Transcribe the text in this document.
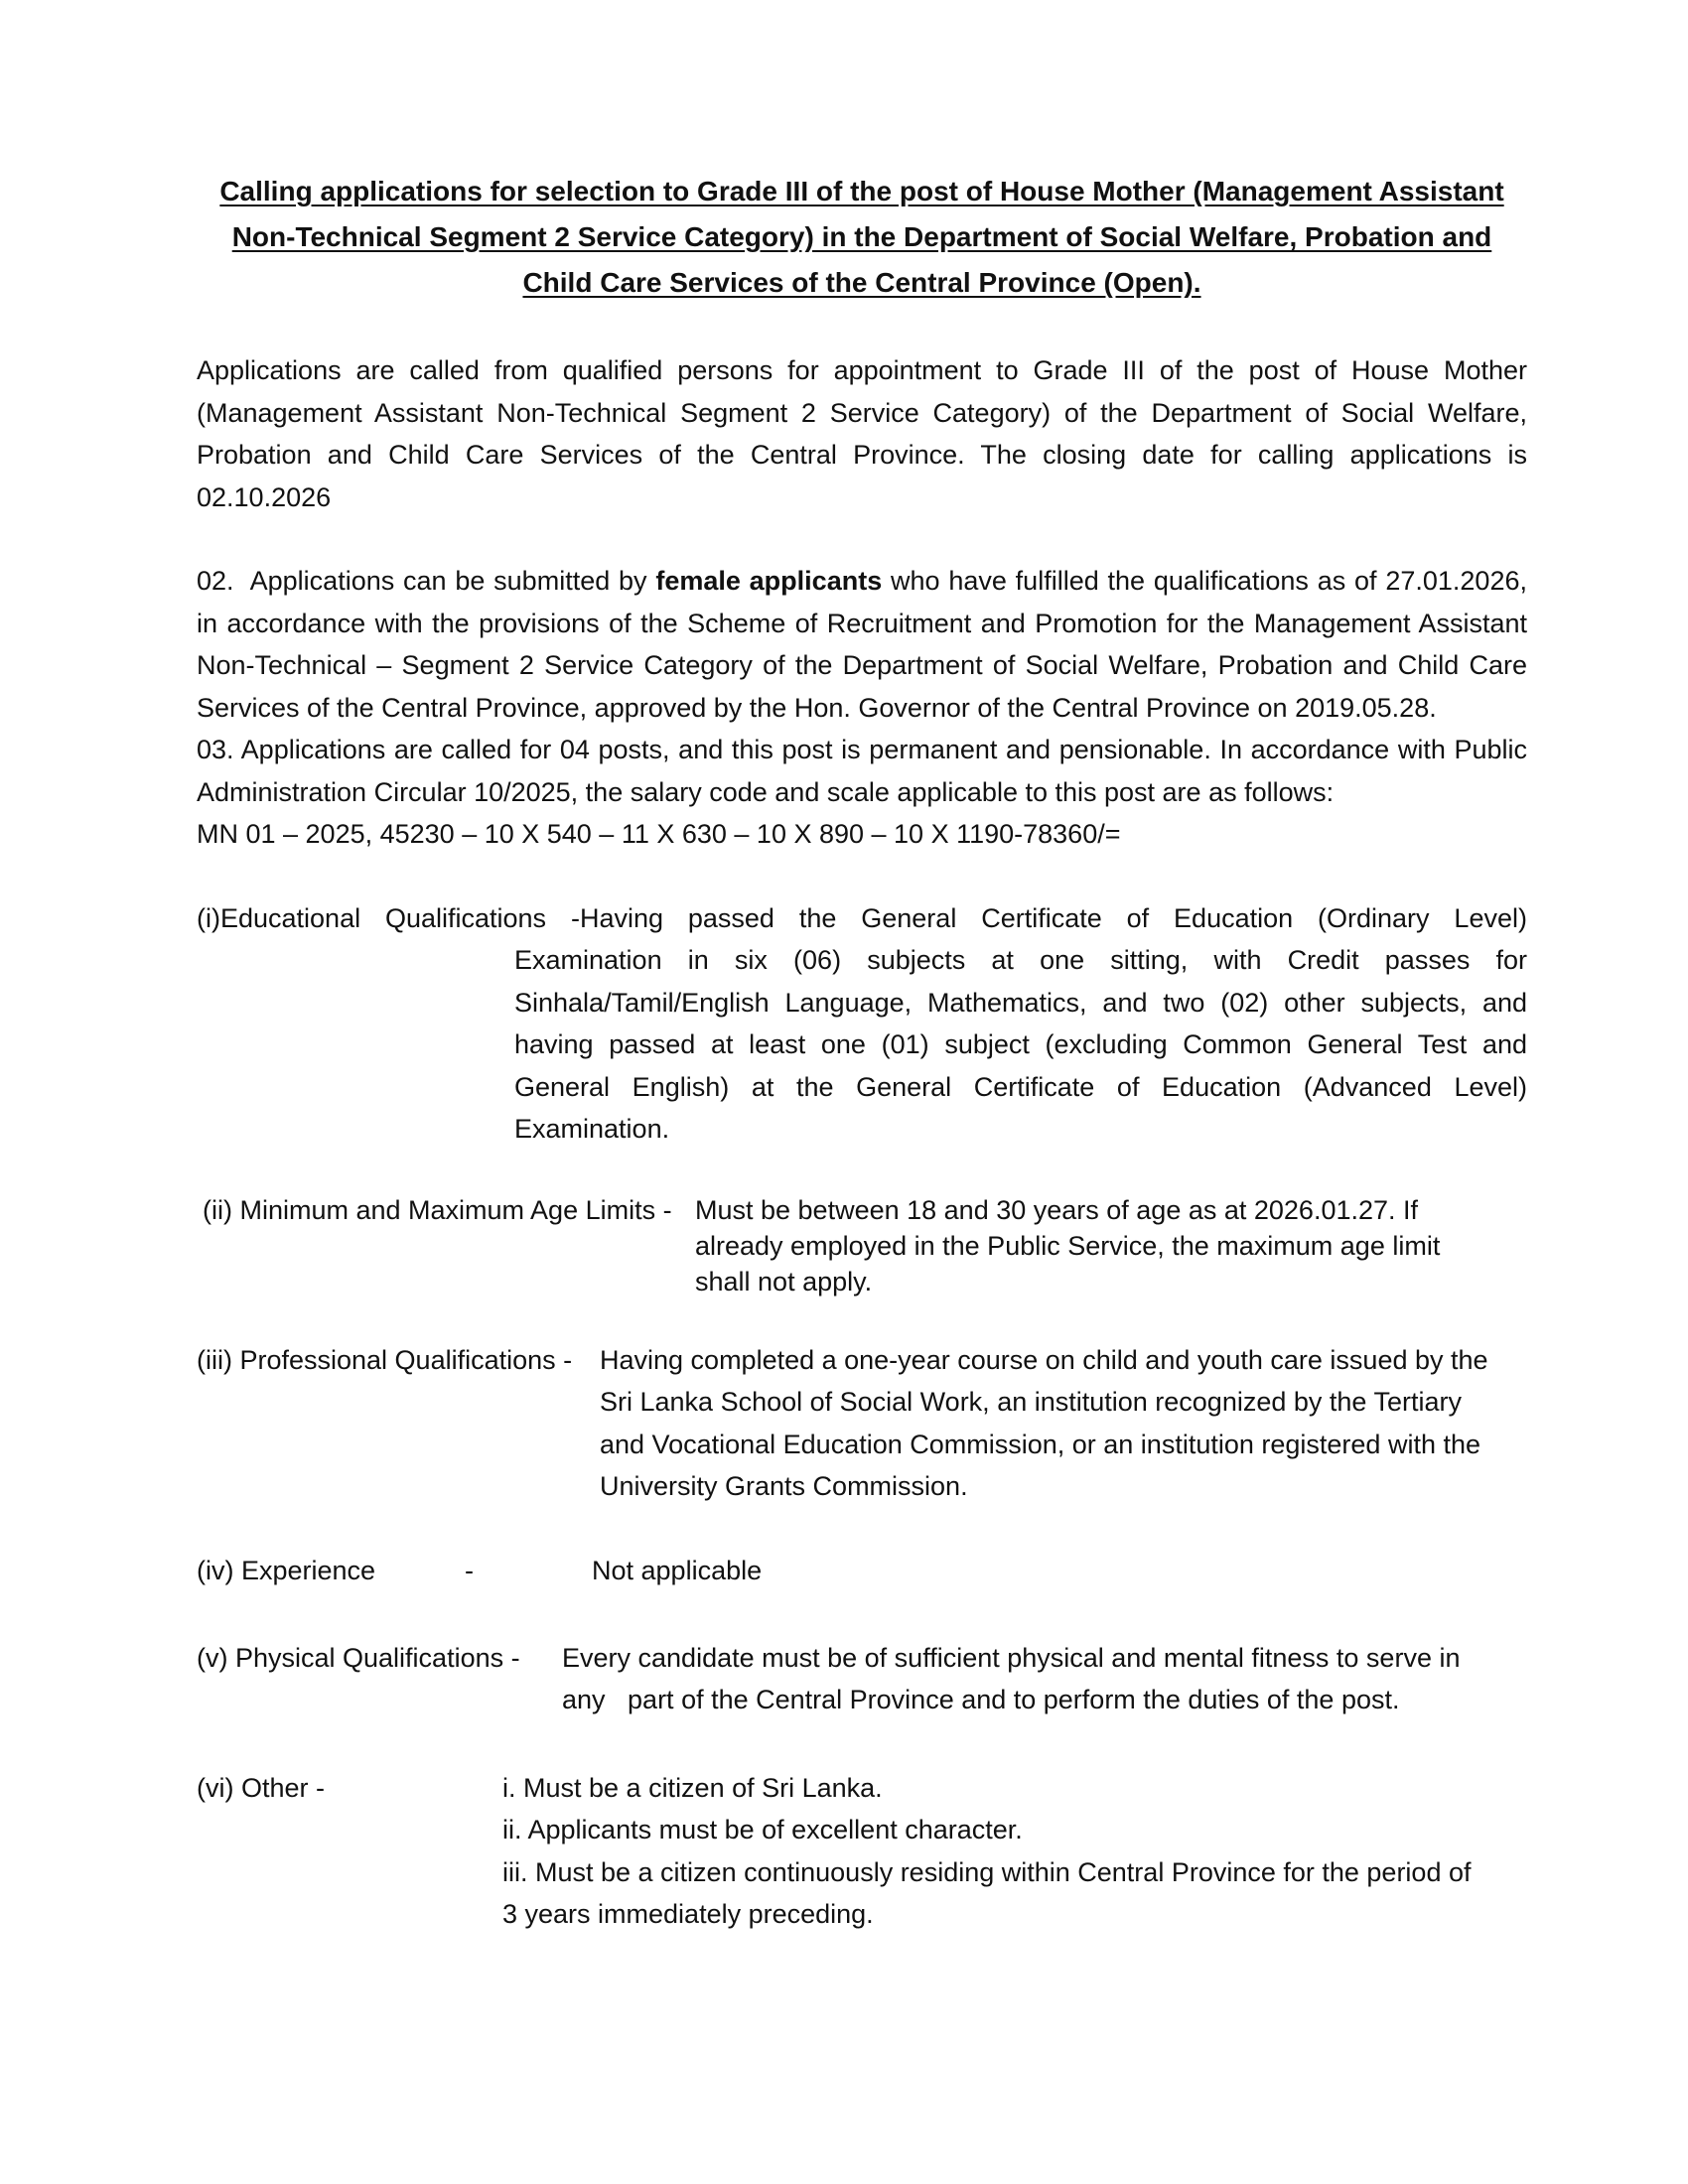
Calling applications for selection to Grade III of the post of House Mother (Management Assistant
Non-Technical Segment 2 Service Category) in the Department of Social Welfare, Probation and
Child Care Services of the Central Province (Open).

Applications are called from qualified persons for appointment to Grade III of the post of House Mother (Management Assistant Non-Technical Segment 2 Service Category) of the Department of Social Welfare, Probation and Child Care Services of the Central Province. The closing date for calling applications is 02.10.2026

02. Applications can be submitted by female applicants who have fulfilled the qualifications as of 27.01.2026, in accordance with the provisions of the Scheme of Recruitment and Promotion for the Management Assistant Non-Technical – Segment 2 Service Category of the Department of Social Welfare, Probation and Child Care Services of the Central Province, approved by the Hon. Governor of the Central Province on 2019.05.28.

03. Applications are called for 04 posts, and this post is permanent and pensionable. In accordance with Public Administration Circular 10/2025, the salary code and scale applicable to this post are as follows:

MN 01 – 2025, 45230 – 10 X 540 – 11 X 630 – 10 X 890 – 10 X 1190-78360/=

(i)Educational Qualifications -Having passed the General Certificate of Education (Ordinary Level)

Examination in six (06) subjects at one sitting, with Credit passes for Sinhala/Tamil/English Language, Mathematics, and two (02) other subjects, and having passed at least one (01) subject (excluding Common General Test and General English) at the General Certificate of Education (Advanced Level) Examination.

(ii) Minimum and Maximum Age Limits - Must be between 18 and 30 years of age as at 2026.01.27. If
already employed in the Public Service, the maximum age limit
shall not apply.
(iii) Professional Qualifications - Having completed a one-year course on child and youth care issued by the
Sri Lanka School of Social Work, an institution recognized by the Tertiary
and Vocational Education Commission, or an institution registered with the
University Grants Commission.
(iv) Experience	-	Not applicable
(v) Physical Qualifications - Every candidate must be of sufficient physical and mental fitness to serve in
any   part of the Central Province and to perform the duties of the post.
(vi) Other -	i. Must be a citizen of Sri Lanka.
ii. Applicants must be of excellent character.
iii. Must be a citizen continuously residing within Central Province for the period of
3 years immediately preceding.
